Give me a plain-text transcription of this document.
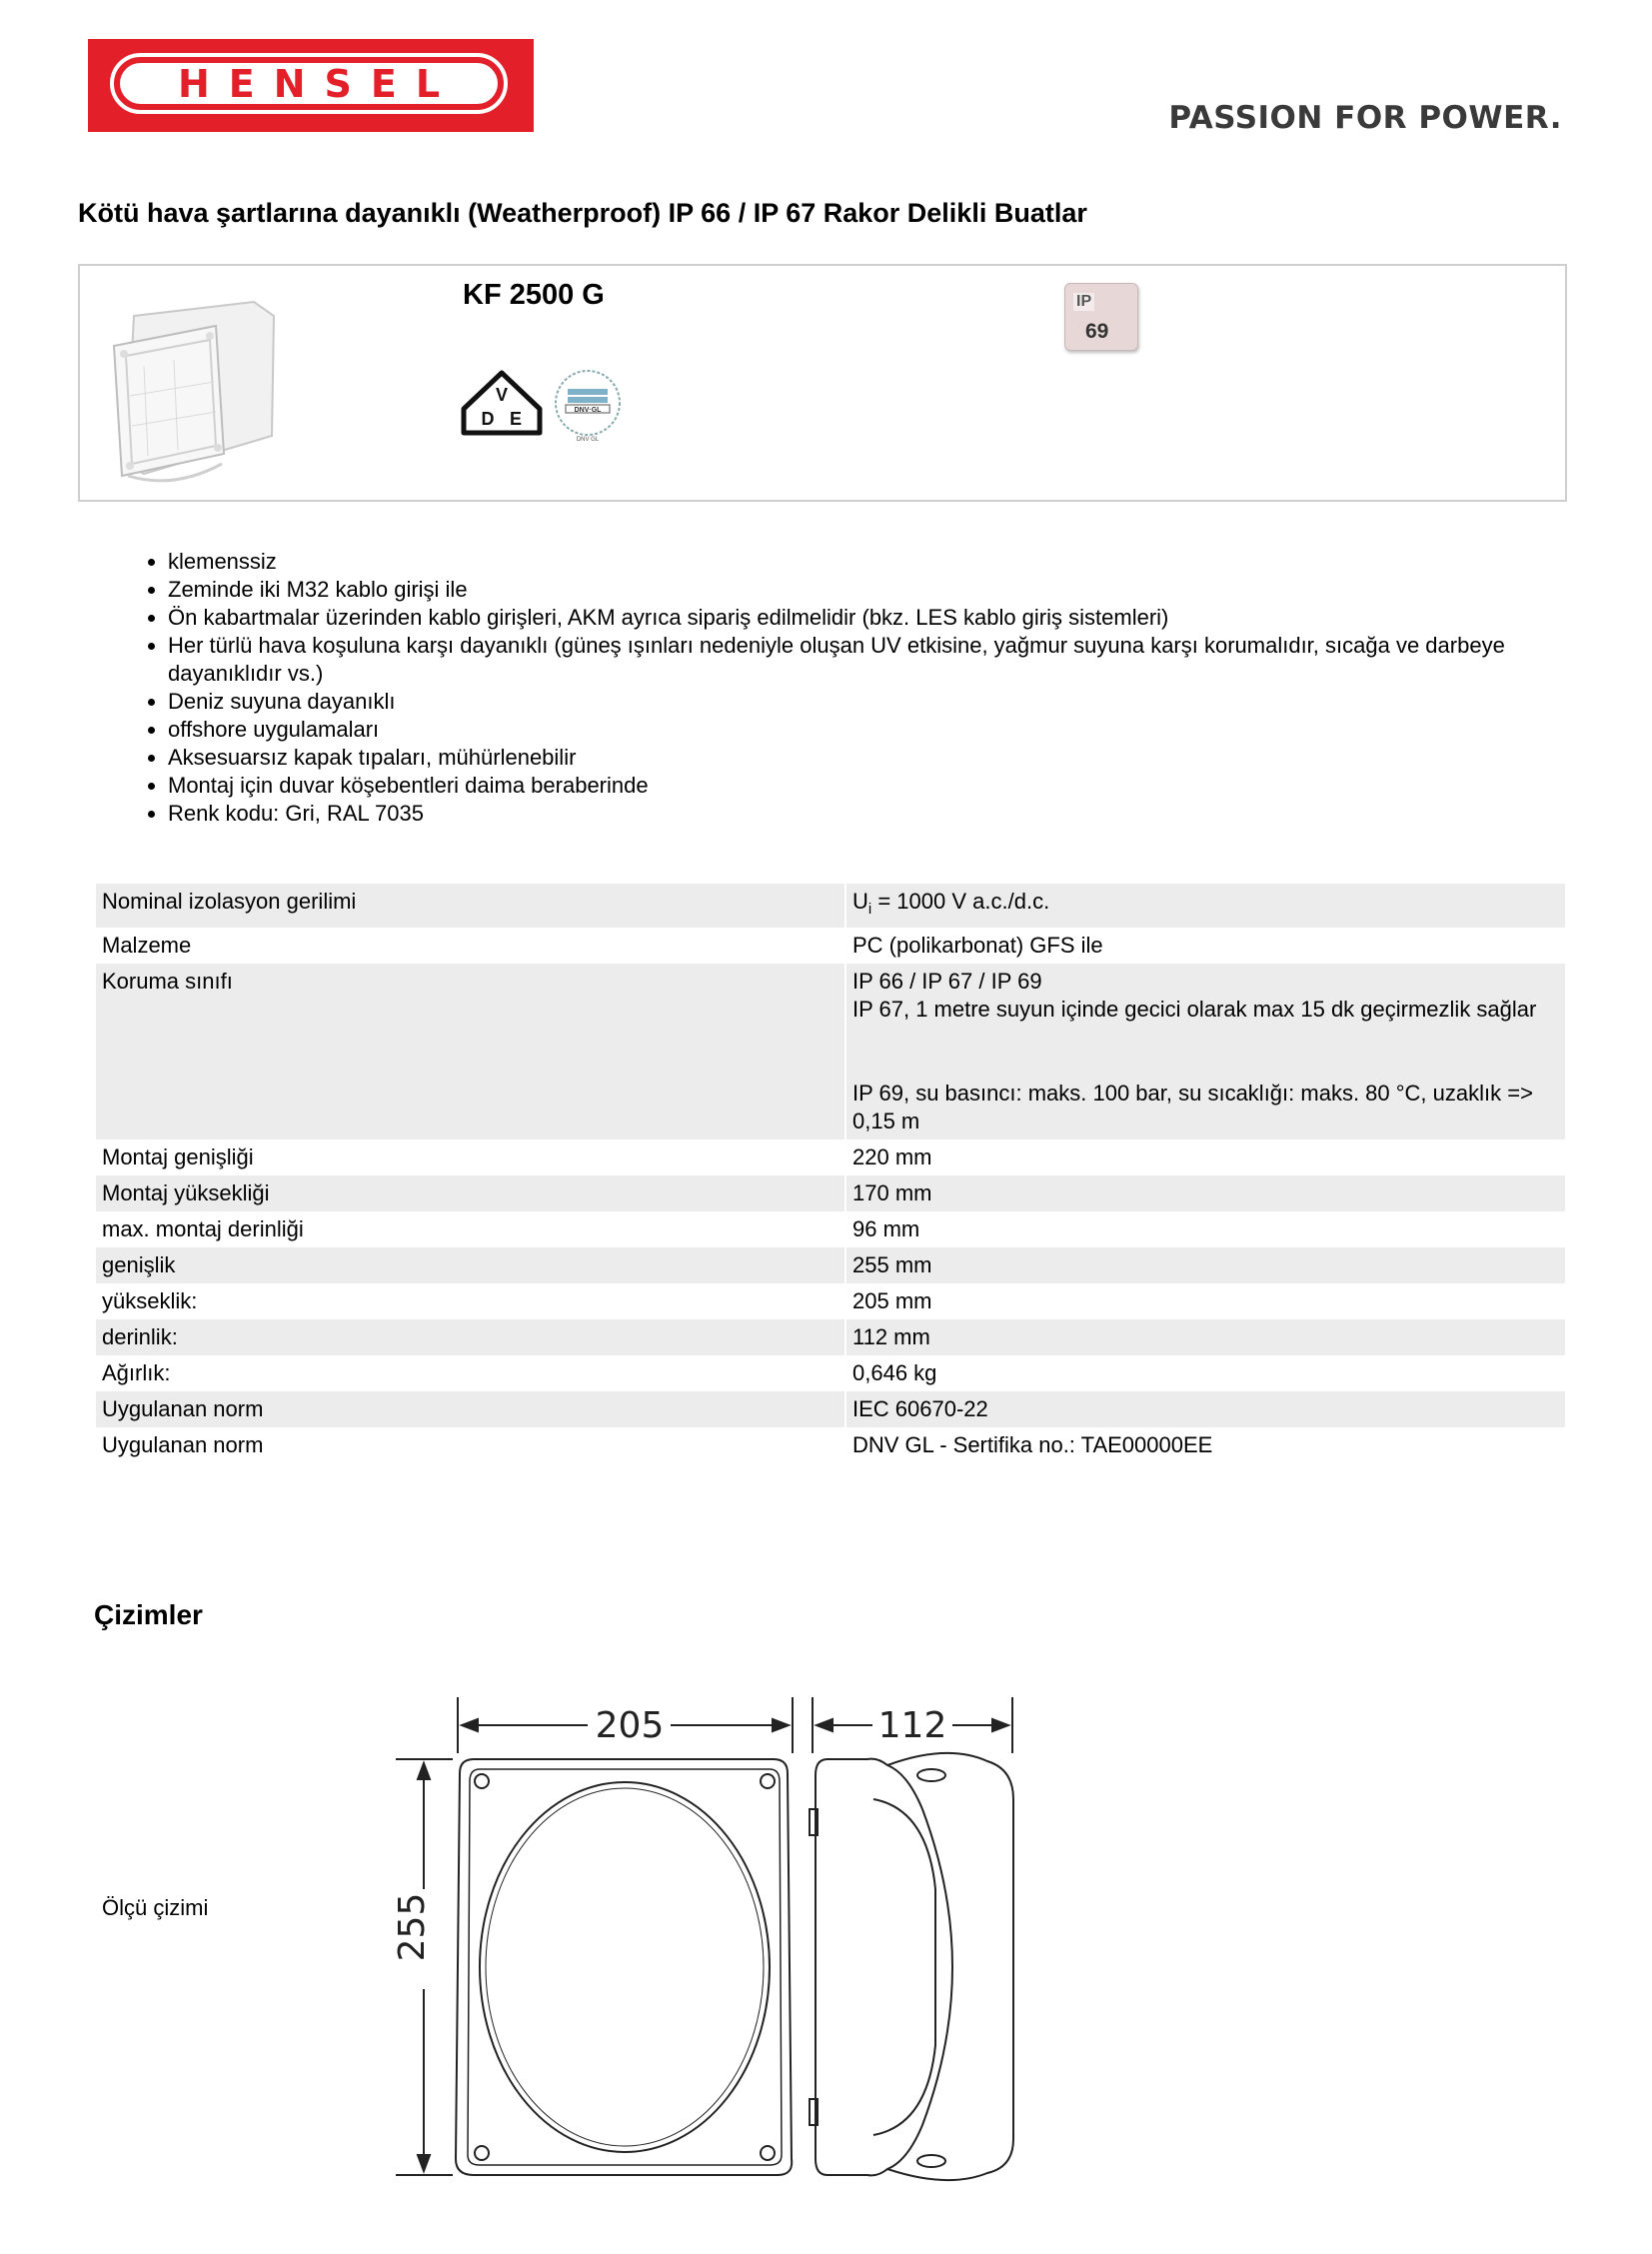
HENSEL
PASSION FOR POWER.
Kötü hava şartlarına dayanıklı (Weatherproof) IP 66 / IP 67 Rakor Delikli Buatlar
KF 2500 G
V
D E	DNV·GL
DNV GL
IP
69
• klemenssiz
• Zeminde iki M32 kablo girişi ile
• Ön kabartmalar üzerinden kablo girişleri, AKM ayrıca sipariş edilmelidir (bkz. LES kablo giriş sistemleri)
• Her türlü hava koşuluna karşı dayanıklı (güneş ışınları nedeniyle oluşan UV etkisine, yağmur suyuna karşı korumalıdır, sıcağa ve darbeye dayanıklıdır vs.)
• Deniz suyuna dayanıklı
• offshore uygulamaları
• Aksesuarsız kapak tıpaları, mühürlenebilir
• Montaj için duvar köşebentleri daima beraberinde
• Renk kodu: Gri, RAL 7035
Nominal izolasyon gerilimi	$U_i = 1000$ V a.c./d.c.
Malzeme	PC (polikarbonat) GFS ile
Koruma sınıfı	IP 66 / IP 67 / IP 69
IP 67, 1 metre suyun içinde gecici olarak max 15 dk geçirmezlik sağlar
IP 69, su basıncı: maks. 100 bar, su sıcaklığı: maks. 80 °C, uzaklık => 0,15 m

Montaj genişliği	220 mm
Montaj yüksekliği	170 mm
max. montaj derinliği	96 mm
genişlik	255 mm
yükseklik:	205 mm
derinlik:	112 mm
Ağırlık:	0,646 kg
Uygulanan norm	IEC 60670-22
Uygulanan norm	DNV GL - Sertifika no.: TAE00000EE
Çizimler
Ölçü çizimi
205	112
255
